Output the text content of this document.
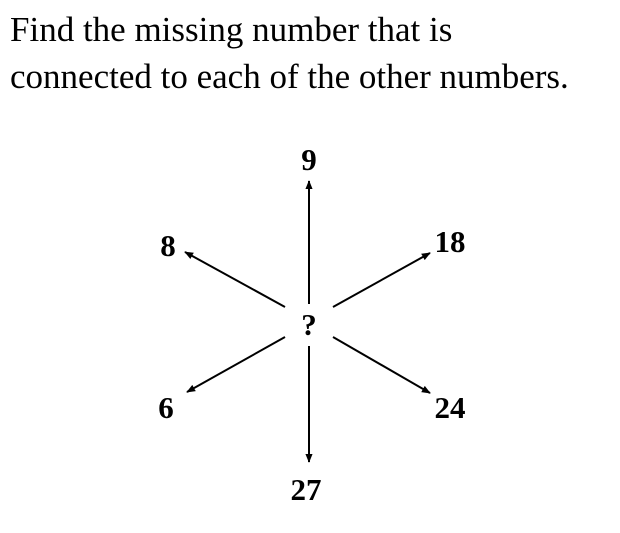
Find the missing number that is
connected to each of the other numbers.
9
8	18
?
6	24
27
